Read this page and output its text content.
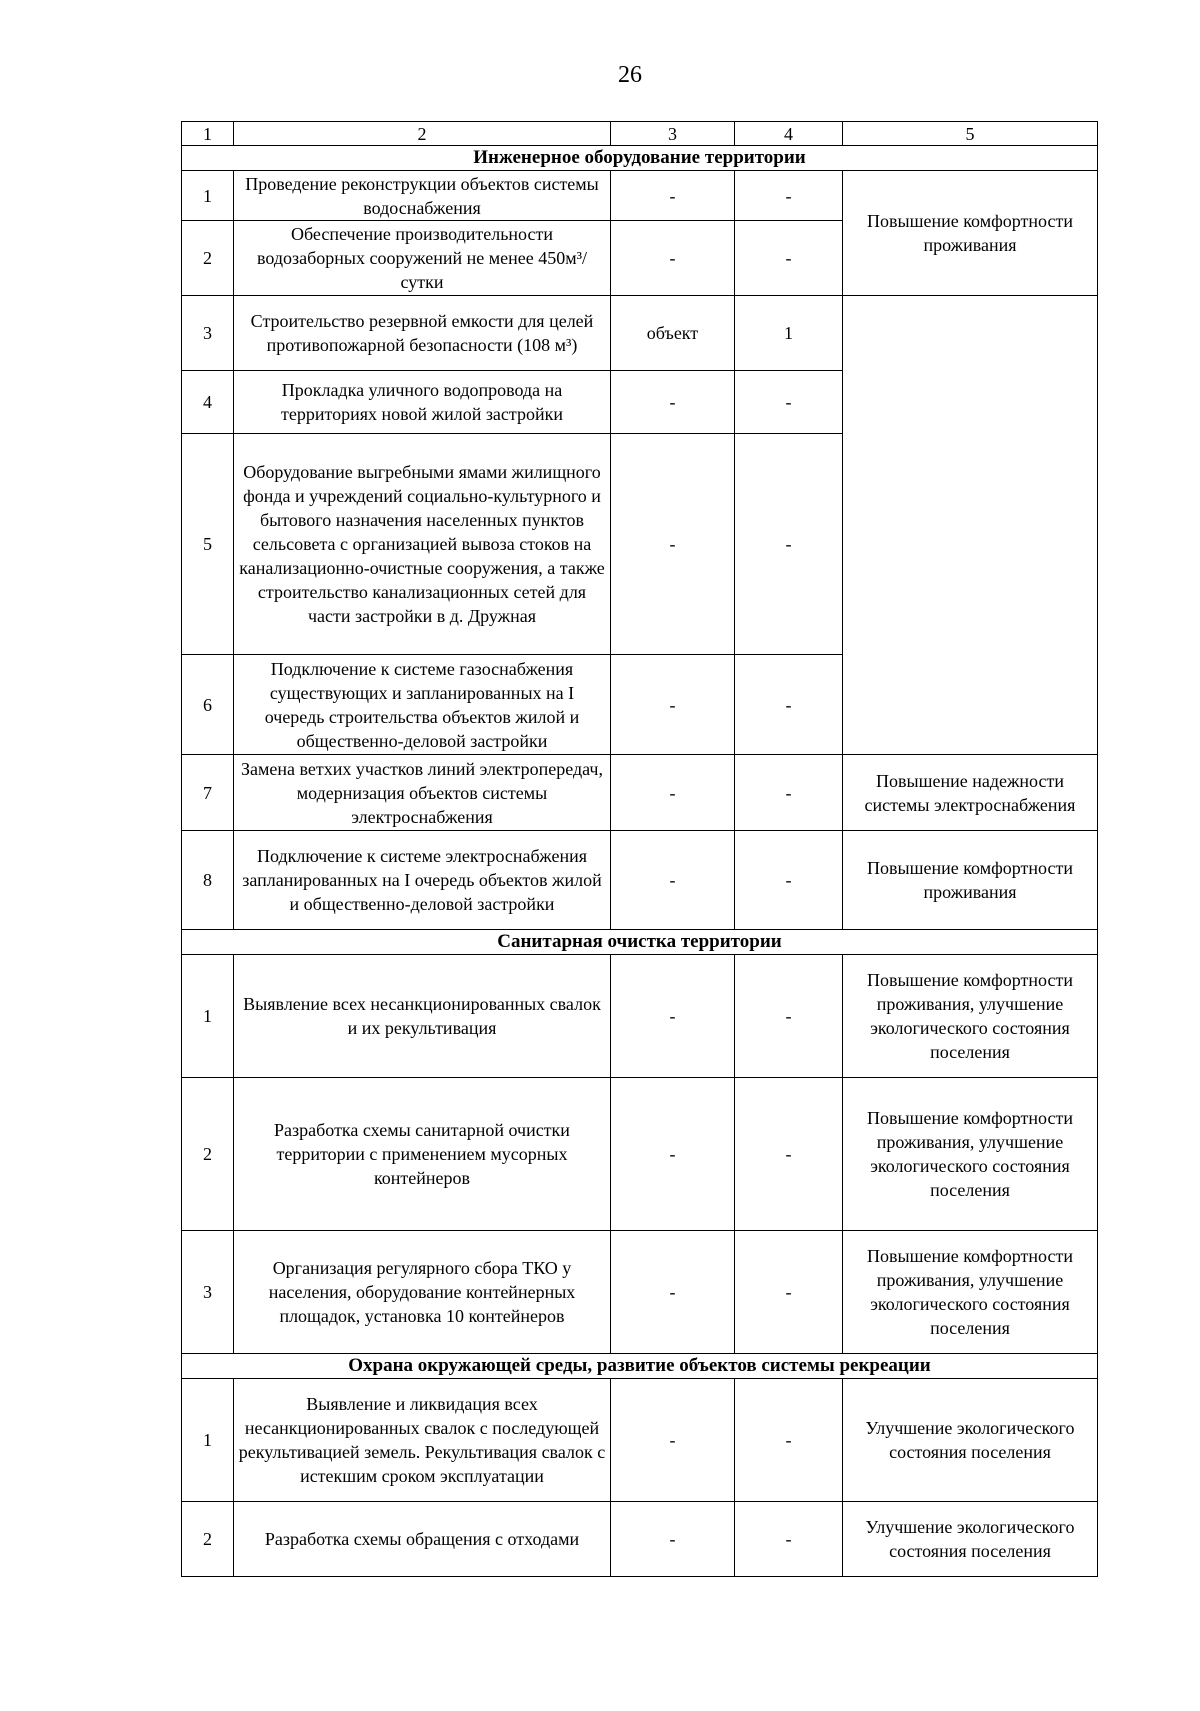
26
1	2	3	4	5
Инженерное оборудование территории				
1	Проведение реконструкции объектов системы водоснабжения	-	-	Повышение комфортности проживания
2	Обеспечение производительности водозаборных сооружений не менее 450м³/сутки	-	-	
3	Строительство резервной емкости для целей противопожарной безопасности (108 м³)	объект	1	
4	Прокладка уличного водопровода на территориях новой жилой застройки	-	-	
5	Оборудование выгребными ямами жилищного фонда и учреждений социально-культурного и бытового назначения населенных пунктов сельсовета с организацией вывоза стоков на канализационно-очистные сооружения, а также строительство канализационных сетей для части застройки в д. Дружная	-	-	
6	Подключение к системе газоснабжения существующих и запланированных на I очередь строительства объектов жилой и общественно-деловой застройки	-	-	
7	Замена ветхих участков линий электропередач, модернизация объектов системы электроснабжения	-	-	Повышение надежности системы электроснабжения
8	Подключение к системе электроснабжения запланированных на I очередь объектов жилой и общественно-деловой застройки	-	-	Повышение комфортности проживания
Санитарная очистка территории				
1	Выявление всех несанкционированных свалок и их рекультивация	-	-	Повышение комфортности проживания, улучшение экологического состояния поселения
2	Разработка схемы санитарной очистки территории с применением мусорных контейнеров	-	-	Повышение комфортности проживания, улучшение экологического состояния поселения
3	Организация регулярного сбора ТКО у населения, оборудование контейнерных площадок, установка 10 контейнеров	-	-	Повышение комфортности проживания, улучшение экологического состояния поселения
Охрана окружающей среды, развитие объектов системы рекреации				
1	Выявление и ликвидация всех несанкционированных свалок с последующей рекультивацией земель. Рекультивация свалок с истекшим сроком эксплуатации	-	-	Улучшение экологического состояния поселения
2	Разработка схемы обращения с отходами	-	-	Улучшение экологического состояния поселения
